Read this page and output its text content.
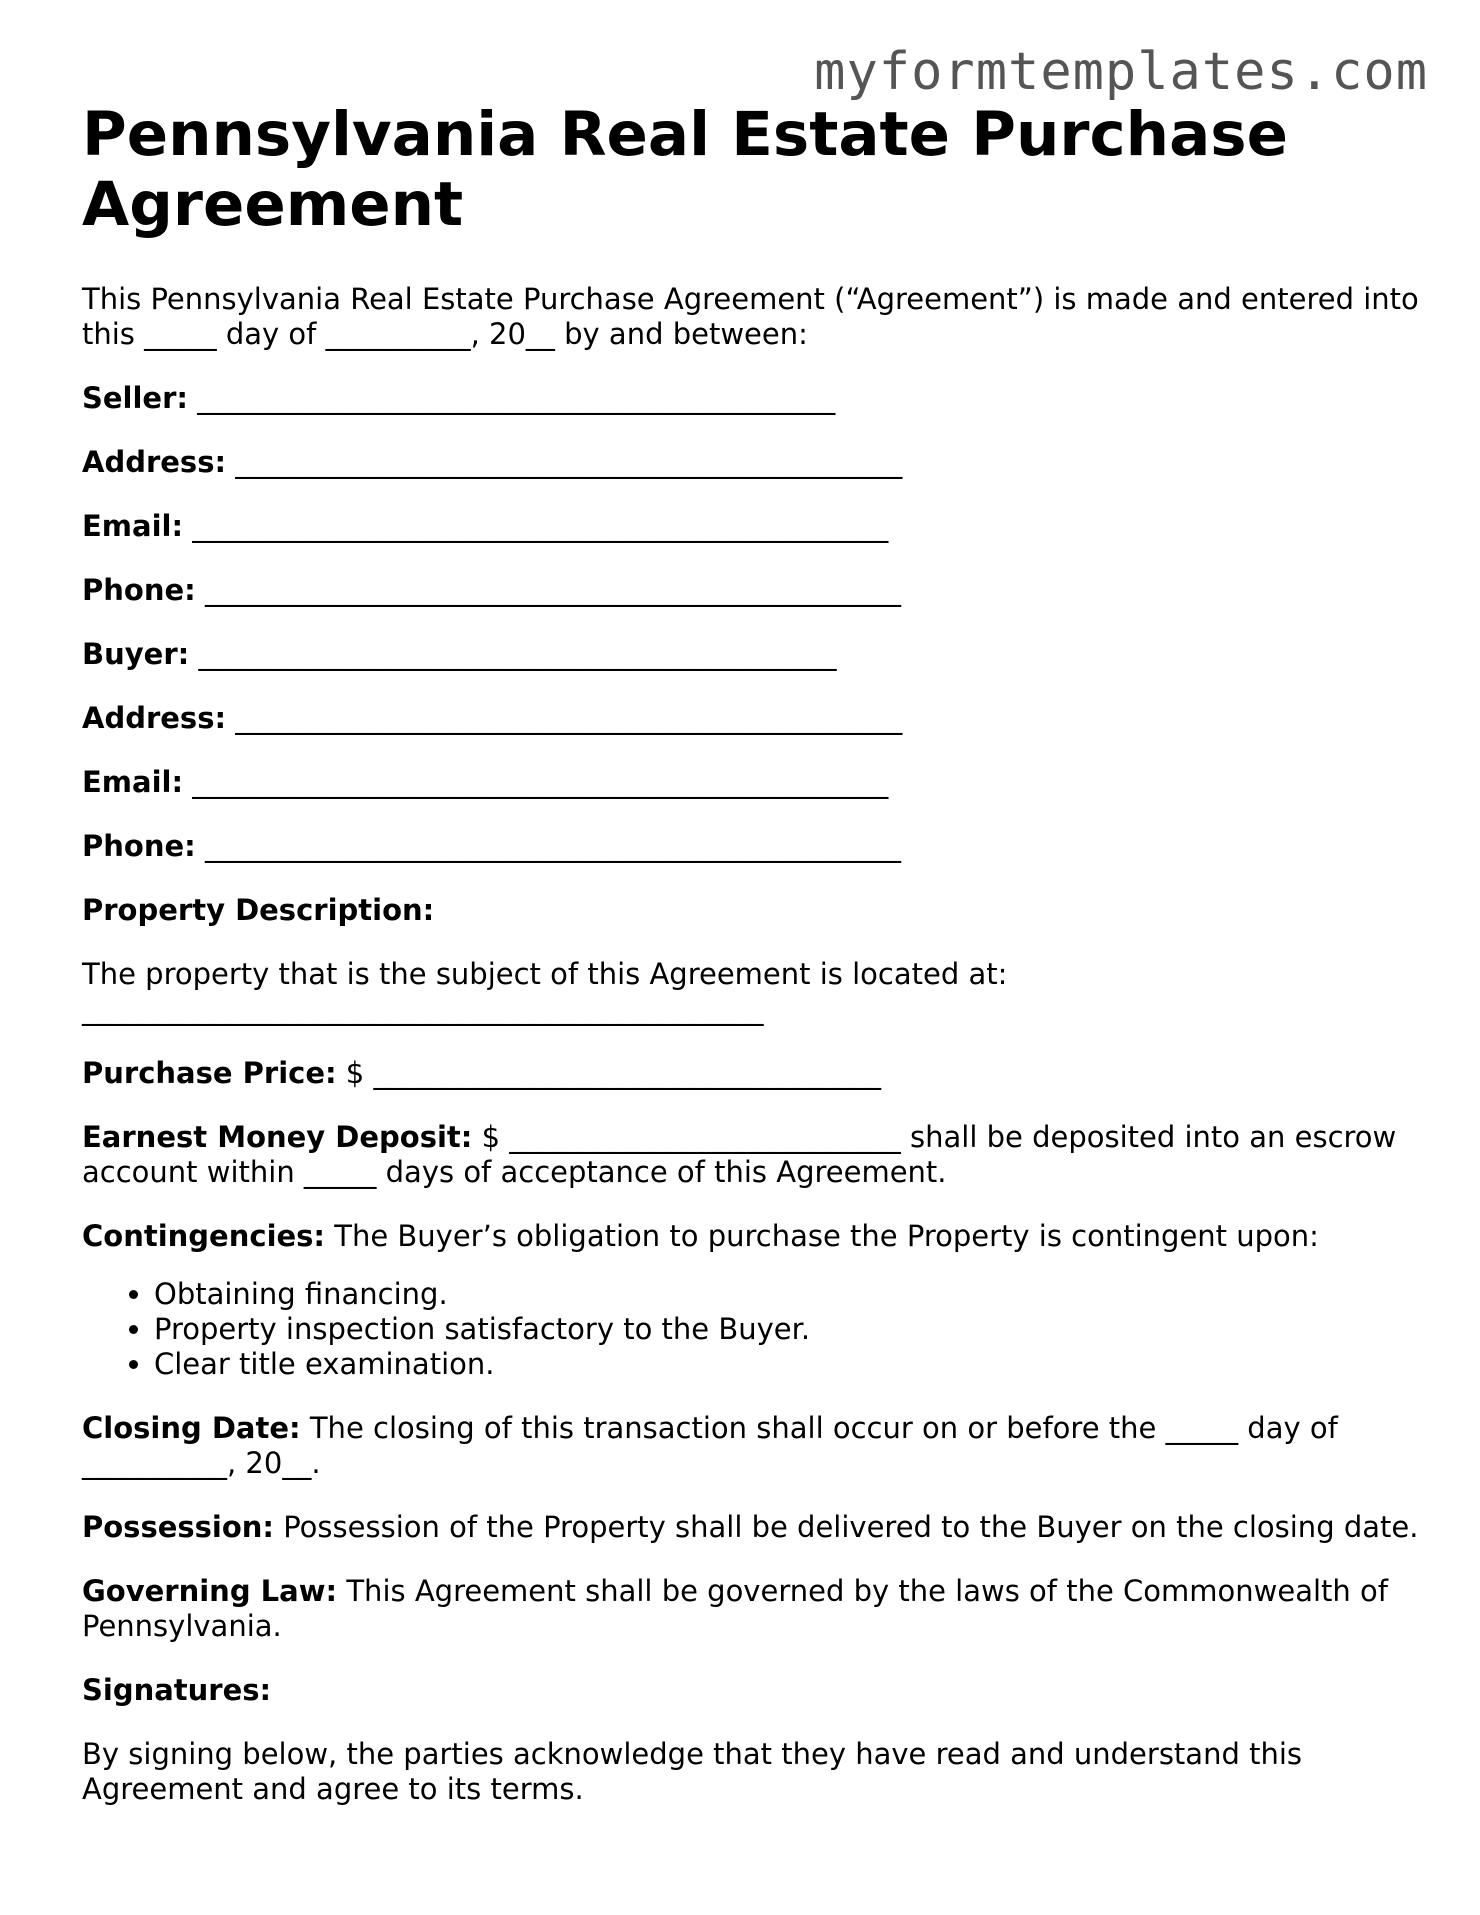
myformtemplates.com
Pennsylvania Real Estate Purchase Agreement

This Pennsylvania Real Estate Purchase Agreement (“Agreement”) is made and entered into this _____ day of __________, 20__ by and between:

Seller: ____________________________________________
Address: ______________________________________________
Email: ________________________________________________
Phone: ________________________________________________
Buyer: ____________________________________________
Address: ______________________________________________
Email: ________________________________________________
Phone: ________________________________________________

Property Description:

The property that is the subject of this Agreement is located at:
_______________________________________________

Purchase Price: $ ___________________________________

Earnest Money Deposit: $ ___________________________ shall be deposited into an escrow account within _____ days of acceptance of this Agreement.

Contingencies: The Buyer’s obligation to purchase the Property is contingent upon:

• Obtaining financing.
• Property inspection satisfactory to the Buyer.
• Clear title examination.

Closing Date: The closing of this transaction shall occur on or before the _____ day of __________, 20__.

Possession: Possession of the Property shall be delivered to the Buyer on the closing date.

Governing Law: This Agreement shall be governed by the laws of the Commonwealth of Pennsylvania.

Signatures:

By signing below, the parties acknowledge that they have read and understand this Agreement and agree to its terms.
